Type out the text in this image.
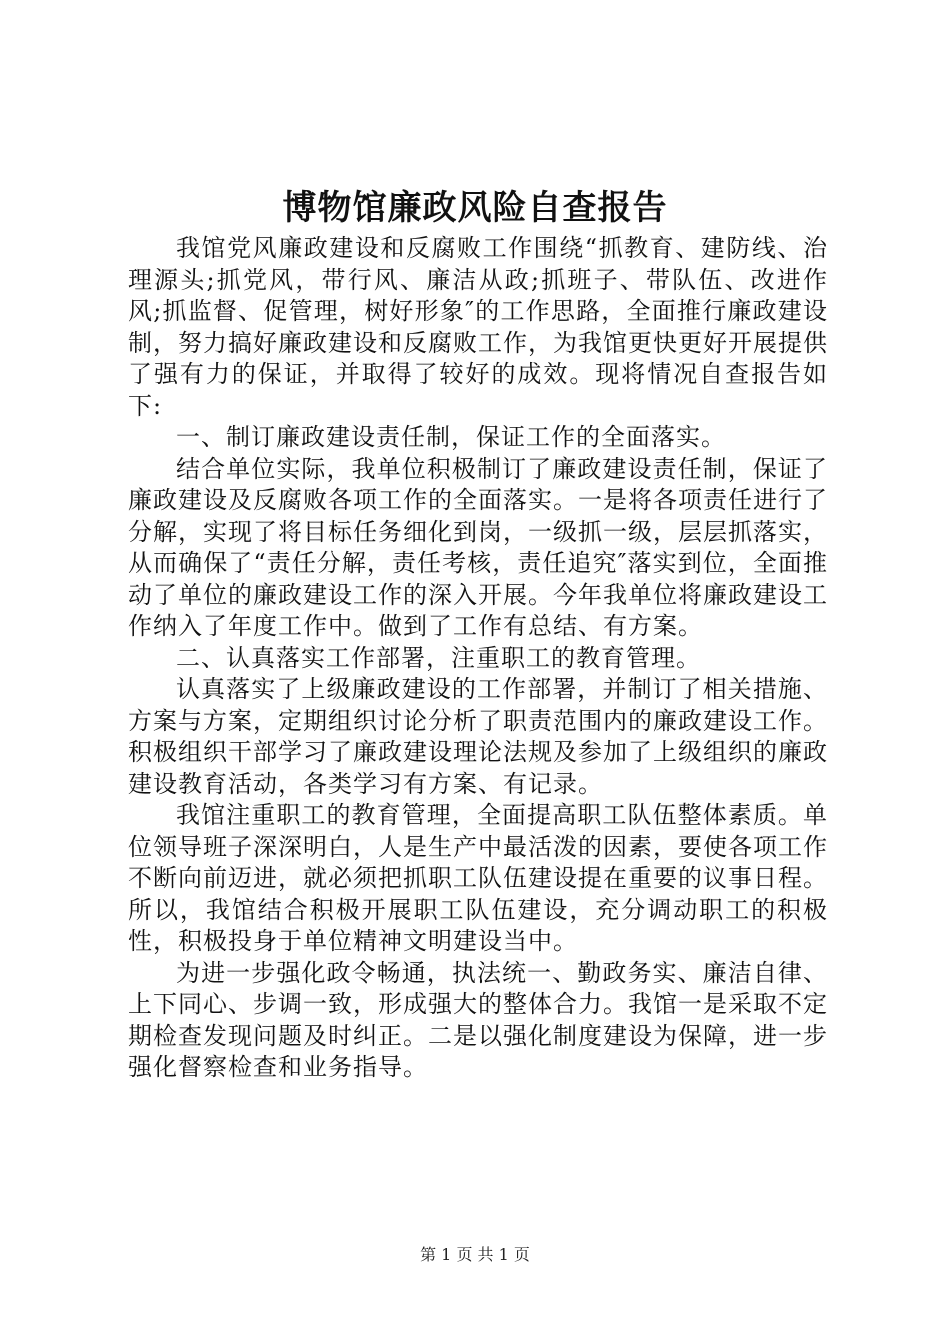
博物馆廉政风险自查报告

我馆党风廉政建设和反腐败工作围绕“抓教育、建防线、治理源头;抓党风，带行风、廉洁从政;抓班子、带队伍、改进作风;抓监督、促管理，树好形象″的工作思路，全面推行廉政建设制，努力搞好廉政建设和反腐败工作，为我馆更快更好开展提供了强有力的保证，并取得了较好的成效。现将情况自查报告如下:

一、制订廉政建设责任制，保证工作的全面落实。

结合单位实际，我单位积极制订了廉政建设责任制，保证了廉政建设及反腐败各项工作的全面落实。一是将各项责任进行了分解，实现了将目标任务细化到岗，一级抓一级，层层抓落实，从而确保了“责任分解，责任考核，责任追究″落实到位，全面推动了单位的廉政建设工作的深入开展。今年我单位将廉政建设工作纳入了年度工作中。做到了工作有总结、有方案。

二、认真落实工作部署，注重职工的教育管理。

认真落实了上级廉政建设的工作部署，并制订了相关措施、方案与方案，定期组织讨论分析了职责范围内的廉政建设工作。积极组织干部学习了廉政建设理论法规及参加了上级组织的廉政建设教育活动，各类学习有方案、有记录。

我馆注重职工的教育管理，全面提高职工队伍整体素质。单位领导班子深深明白，人是生产中最活泼的因素，要使各项工作不断向前迈进，就必须把抓职工队伍建设提在重要的议事日程。所以，我馆结合积极开展职工队伍建设，充分调动职工的积极性，积极投身于单位精神文明建设当中。

为进一步强化政令畅通，执法统一、勤政务实、廉洁自律、上下同心、步调一致，形成强大的整体合力。我馆一是采取不定期检查发现问题及时纠正。二是以强化制度建设为保障，进一步强化督察检查和业务指导。

第 1 页 共 1 页
